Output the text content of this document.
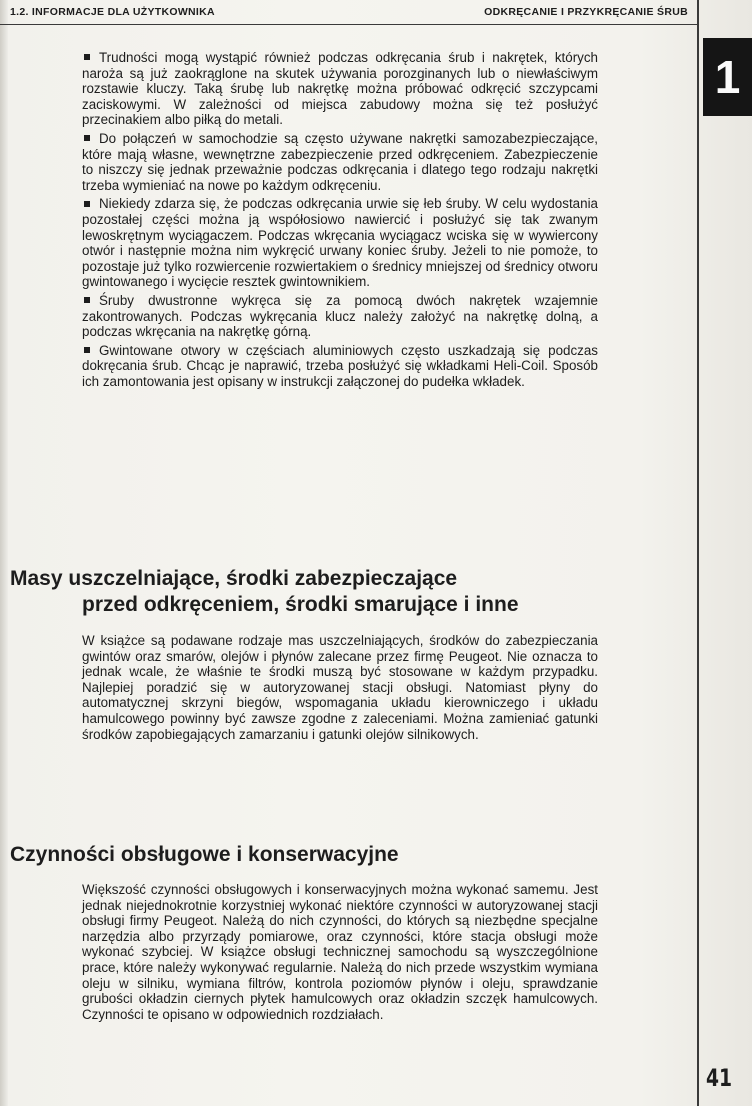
1.2. INFORMACJE DLA UŻYTKOWNIKA	ODKRĘCANIE I PRZYKRĘCANIE ŚRUB
1

Trudności mogą wystąpić również podczas odkręcania śrub i nakrętek, których naroża są już zaokrąglone na skutek używania porozginanych lub o niewłaściwym rozstawie kluczy. Taką śrubę lub nakrętkę można próbować odkręcić szczypcami zaciskowymi. W zależności od miejsca zabudowy można się też posłużyć przecinakiem albo piłką do metali.

Do połączeń w samochodzie są często używane nakrętki samozabezpieczające, które mają własne, wewnętrzne zabezpieczenie przed odkręceniem. Zabezpieczenie to niszczy się jednak przeważnie podczas odkręcania i dlatego tego rodzaju nakrętki trzeba wymieniać na nowe po każdym odkręceniu.

Niekiedy zdarza się, że podczas odkręcania urwie się łeb śruby. W celu wydostania pozostałej części można ją współosiowo nawiercić i posłużyć się tak zwanym lewoskrętnym wyciągaczem. Podczas wkręcania wyciągacz wciska się w wywiercony otwór i następnie można nim wykręcić urwany koniec śruby. Jeżeli to nie pomoże, to pozostaje już tylko rozwiercenie rozwiertakiem o średnicy mniejszej od średnicy otworu gwintowanego i wycięcie resztek gwintownikiem.

Śruby dwustronne wykręca się za pomocą dwóch nakrętek wzajemnie zakontrowanych. Podczas wykręcania klucz należy założyć na nakrętkę dolną, a podczas wkręcania na nakrętkę górną.

Gwintowane otwory w częściach aluminiowych często uszkadzają się podczas dokręcania śrub. Chcąc je naprawić, trzeba posłużyć się wkładkami Heli-Coil. Sposób ich zamontowania jest opisany w instrukcji załączonej do pudełka wkładek.

Masy uszczelniające, środki zabezpieczające
przed odkręceniem, środki smarujące i inne
W książce są podawane rodzaje mas uszczelniających, środków do zabezpieczania gwintów oraz smarów, olejów i płynów zalecane przez firmę Peugeot. Nie oznacza to jednak wcale, że właśnie te środki muszą być stosowane w każdym przypadku. Najlepiej poradzić się w autoryzowanej stacji obsługi. Natomiast płyny do automatycznej skrzyni biegów, wspomagania układu kierowniczego i układu hamulcowego powinny być zawsze zgodne z zaleceniami. Można zamieniać gatunki środków zapobiegających zamarzaniu i gatunki olejów silnikowych.
Czynności obsługowe i konserwacyjne
Większość czynności obsługowych i konserwacyjnych można wykonać samemu. Jest jednak niejednokrotnie korzystniej wykonać niektóre czynności w autoryzowanej stacji obsługi firmy Peugeot. Należą do nich czynności, do których są niezbędne specjalne narzędzia albo przyrządy pomiarowe, oraz czynności, które stacja obsługi może wykonać szybciej. W książce obsługi technicznej samochodu są wyszczególnione prace, które należy wykonywać regularnie. Należą do nich przede wszystkim wymiana oleju w silniku, wymiana filtrów, kontrola poziomów płynów i oleju, sprawdzanie grubości okładzin ciernych płytek hamulcowych oraz okładzin szczęk hamulcowych. Czynności te opisano w odpowiednich rozdziałach.
41
